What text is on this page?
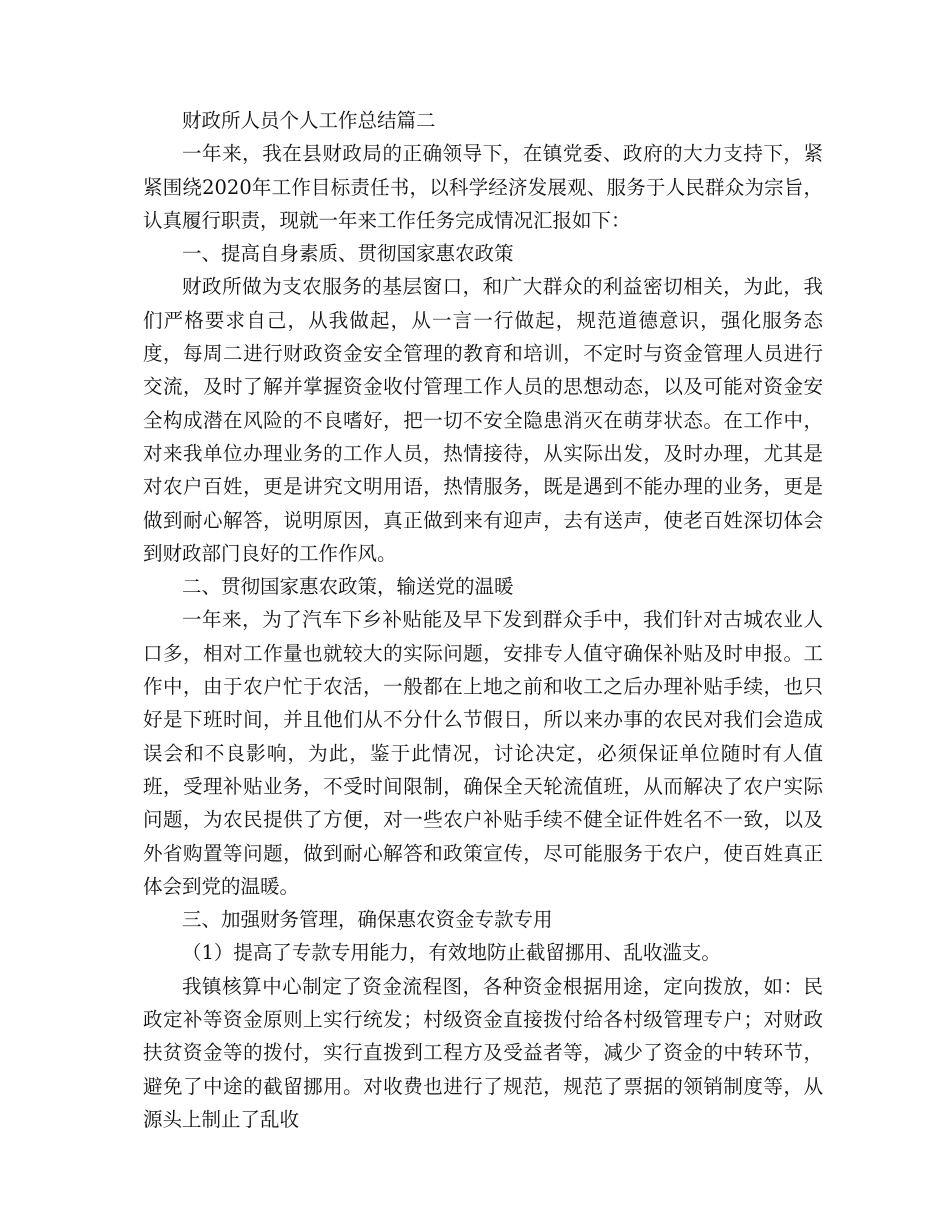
财政所人员个人工作总结篇二

一年来，我在县财政局的正确领导下，在镇党委、政府的大力支持下，紧紧围绕2020年工作目标责任书，以科学经济发展观、服务于人民群众为宗旨，认真履行职责，现就一年来工作任务完成情况汇报如下：

一、提高自身素质、贯彻国家惠农政策

财政所做为支农服务的基层窗口，和广大群众的利益密切相关，为此，我们严格要求自己，从我做起，从一言一行做起，规范道德意识，强化服务态度，每周二进行财政资金安全管理的教育和培训，不定时与资金管理人员进行交流，及时了解并掌握资金收付管理工作人员的思想动态，以及可能对资金安全构成潜在风险的不良嗜好，把一切不安全隐患消灭在萌芽状态。在工作中，对来我单位办理业务的工作人员，热情接待，从实际出发，及时办理，尤其是对农户百姓，更是讲究文明用语，热情服务，既是遇到不能办理的业务，更是做到耐心解答，说明原因，真正做到来有迎声，去有送声，使老百姓深切体会到财政部门良好的工作作风。

二、贯彻国家惠农政策，输送党的温暖

一年来，为了汽车下乡补贴能及早下发到群众手中，我们针对古城农业人口多，相对工作量也就较大的实际问题，安排专人值守确保补贴及时申报。工作中，由于农户忙于农活，一般都在上地之前和收工之后办理补贴手续，也只好是下班时间，并且他们从不分什么节假日，所以来办事的农民对我们会造成误会和不良影响，为此，鉴于此情况，讨论决定，必须保证单位随时有人值班，受理补贴业务，不受时间限制，确保全天轮流值班，从而解决了农户实际问题，为农民提供了方便，对一些农户补贴手续不健全证件姓名不一致，以及外省购置等问题，做到耐心解答和政策宣传，尽可能服务于农户，使百姓真正体会到党的温暖。

三、加强财务管理，确保惠农资金专款专用

（1）提高了专款专用能力，有效地防止截留挪用、乱收滥支。

我镇核算中心制定了资金流程图，各种资金根据用途，定向拨放，如：民政定补等资金原则上实行统发；村级资金直接拨付给各村级管理专户；对财政扶贫资金等的拨付，实行直拨到工程方及受益者等，减少了资金的中转环节，避免了中途的截留挪用。对收费也进行了规范，规范了票据的领销制度等，从源头上制止了乱收
